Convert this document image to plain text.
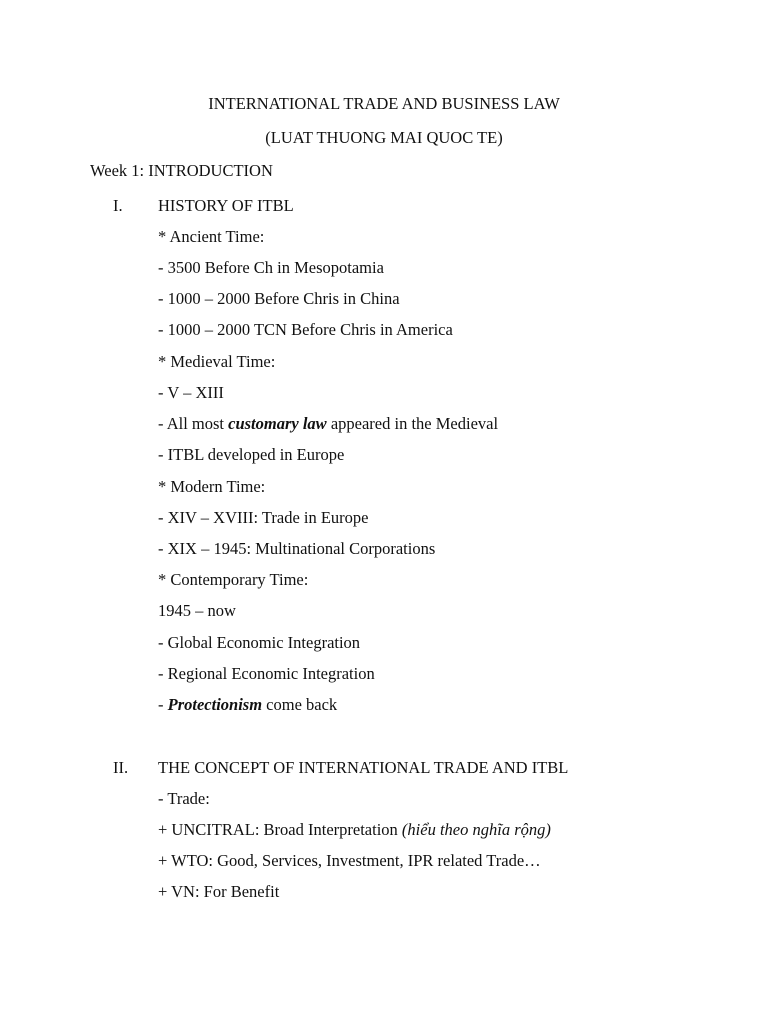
INTERNATIONAL TRADE AND BUSINESS LAW
(LUAT THUONG MAI QUOC TE)
Week 1: INTRODUCTION
I. HISTORY OF ITBL
* Ancient Time:
- 3500 Before Ch in Mesopotamia
- 1000 – 2000 Before Chris in China
- 1000 – 2000 TCN Before Chris in America
* Medieval Time:
- V – XIII
- All most customary law appeared in the Medieval
- ITBL developed in Europe
* Modern Time:
- XIV – XVIII: Trade in Europe
- XIX – 1945: Multinational Corporations
* Contemporary Time:
1945 – now
- Global Economic Integration
- Regional Economic Integration
- Protectionism come back
II. THE CONCEPT OF INTERNATIONAL TRADE AND ITBL
- Trade:
+ UNCITRAL: Broad Interpretation (hiểu theo nghĩa rộng)
+ WTO: Good, Services, Investment, IPR related Trade…
+ VN: For Benefit
